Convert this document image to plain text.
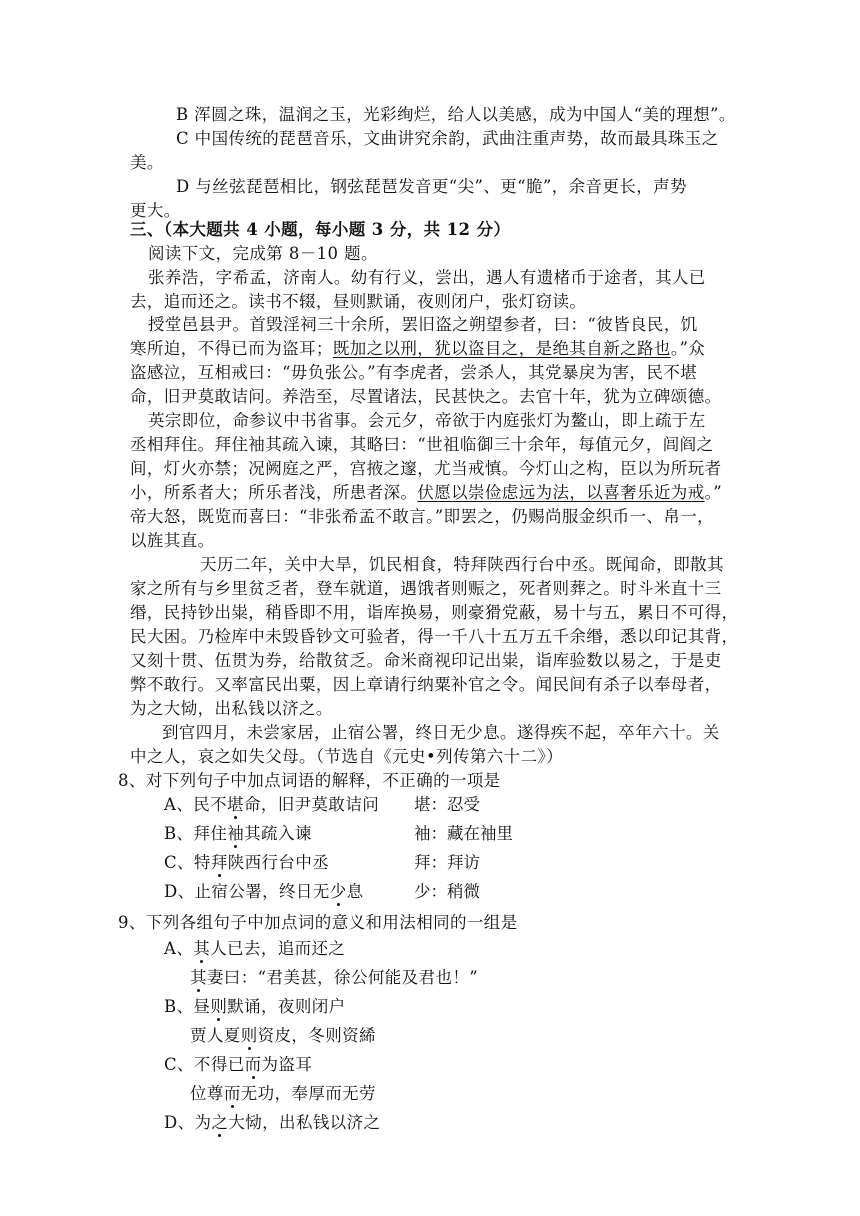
B 浑圆之珠，温润之玉，光彩绚烂，给人以美感，成为中国人“美的理想”。
C 中国传统的琵琶音乐，文曲讲究余韵，武曲注重声势，故而最具珠玉之
美。
D 与丝弦琵琶相比，钢弦琵琶发音更“尖”、更“脆”，余音更长，声势
更大。
三、（本大题共 4 小题，每小题 3 分，共 12 分）
阅读下文，完成第 8－10 题。
张养浩，字希孟，济南人。幼有行义，尝出，遇人有遗楮币于途者，其人已
去，追而还之。读书不辍，昼则默诵，夜则闭户，张灯窃读。
授堂邑县尹。首毁淫祠三十余所，罢旧盗之朔望参者，曰：“彼皆良民，饥
寒所迫，不得已而为盗耳；既加之以刑，犹以盗目之，是绝其自新之路也。”众
盗感泣，互相戒曰：“毋负张公。”有李虎者，尝杀人，其党暴戾为害，民不堪
命，旧尹莫敢诘问。养浩至，尽置诸法，民甚快之。去官十年，犹为立碑颂德。
英宗即位，命参议中书省事。会元夕，帝欲于内庭张灯为鳌山，即上疏于左
丞相拜住。拜住袖其疏入谏，其略曰：“世祖临御三十余年，每值元夕，闾阎之
间，灯火亦禁；况阙庭之严，宫掖之邃，尤当戒慎。今灯山之构，臣以为所玩者
小，所系者大；所乐者浅，所患者深。伏愿以崇俭虑远为法，以喜奢乐近为戒。”
帝大怒，既览而喜曰：“非张希孟不敢言。”即罢之，仍赐尚服金织币一、帛一，
以旌其直。
天历二年，关中大旱，饥民相食，特拜陕西行台中丞。既闻命，即散其
家之所有与乡里贫乏者，登车就道，遇饿者则赈之，死者则葬之。时斗米直十三
缗，民持钞出粜，稍昏即不用，诣库换易，则豪猾党蔽，易十与五，累日不可得，
民大困。乃检库中未毁昏钞文可验者，得一千八十五万五千余缗，悉以印记其背，
又刻十贯、伍贯为券，给散贫乏。命米商视印记出粜，诣库验数以易之，于是吏
弊不敢行。又率富民出粟，因上章请行纳粟补官之令。闻民间有杀子以奉母者，
为之大恸，出私钱以济之。
到官四月，未尝家居，止宿公署，终日无少息。遂得疾不起，卒年六十。关
中之人，哀之如失父母。（节选自《元史•列传第六十二》）
8、对下列句子中加点词语的解释，不正确的一项是
A、民不堪命，旧尹莫敢诘问 堪：忍受
B、拜住袖其疏入谏	袖：藏在袖里
C、特拜陕西行台中丞	拜：拜访
D、止宿公署，终日无少息	少：稍微
9、下列各组句子中加点词的意义和用法相同的一组是
A、其人已去，追而还之
其妻曰：“君美甚，徐公何能及君也！”
B、昼则默诵，夜则闭户
贾人夏则资皮，冬则资絺
C、不得已而为盗耳
位尊而无功，奉厚而无劳
D、为之大恸，出私钱以济之
